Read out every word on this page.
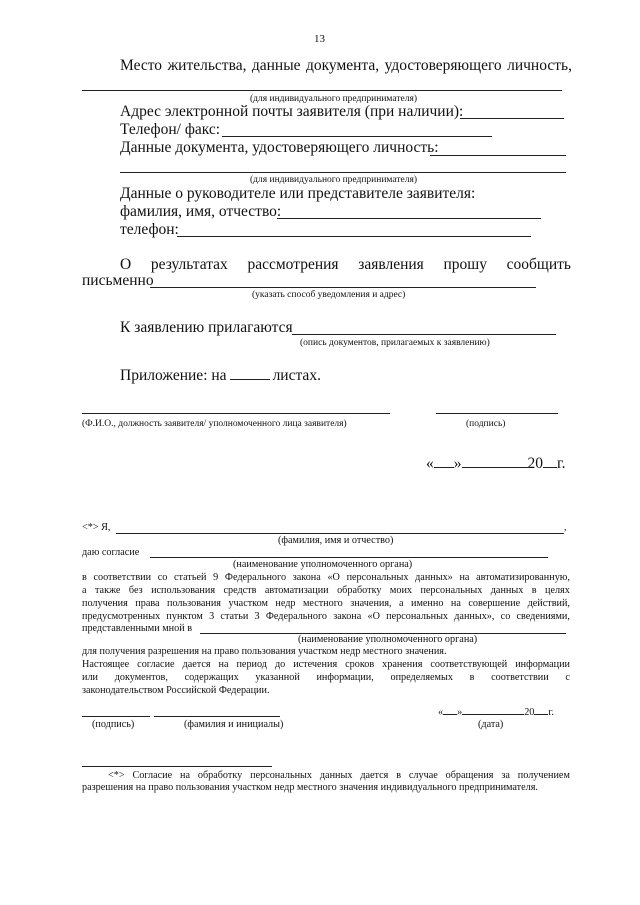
13
Место жительства, данные документа, удостоверяющего личность,
(для индивидуального предпринимателя)
Адрес электронной почты заявителя (при наличии):
Телефон/ факс:
Данные документа, удостоверяющего личность:
(для индивидуального предпринимателя)
Данные о руководителе или представителе заявителя:
фамилия, имя, отчество:
телефон:
О результатах рассмотрения заявления прошу сообщить
письменно
(указать способ уведомления и адрес)
К заявлению прилагаются
(опись документов, прилагаемых к заявлению)
Приложение: на	листах.
(Ф.И.О., должность заявителя/ уполномоченного лица заявителя)	(подпись)
« »	20 г.
<*> Я,	,
(фамилия, имя и отчество)
даю согласие
(наименование уполномоченного органа)
в соответствии со статьей 9 Федерального закона «О персональных данных» на автоматизированную,
а также без использования средств автоматизации обработку моих персональных данных в целях
получения права пользования участком недр местного значения, а именно на совершение действий,
предусмотренных пунктом 3 статьи 3 Федерального закона «О персональных данных», со сведениями,
представленными мной в
(наименование уполномоченного органа)
для получения разрешения на право пользования участком недр местного значения.
Настоящее согласие дается на период до истечения сроков хранения соответствующей информации
или документов, содержащих указанной информации, определяемых в соответствии с
законодательством Российской Федерации.
(подпись)	(фамилия и инициалы)
« »	20 г.
(дата)
<*> Согласие на обработку персональных данных дается в случае обращения за получением
разрешения на право пользования участком недр местного значения индивидуального предпринимателя.
